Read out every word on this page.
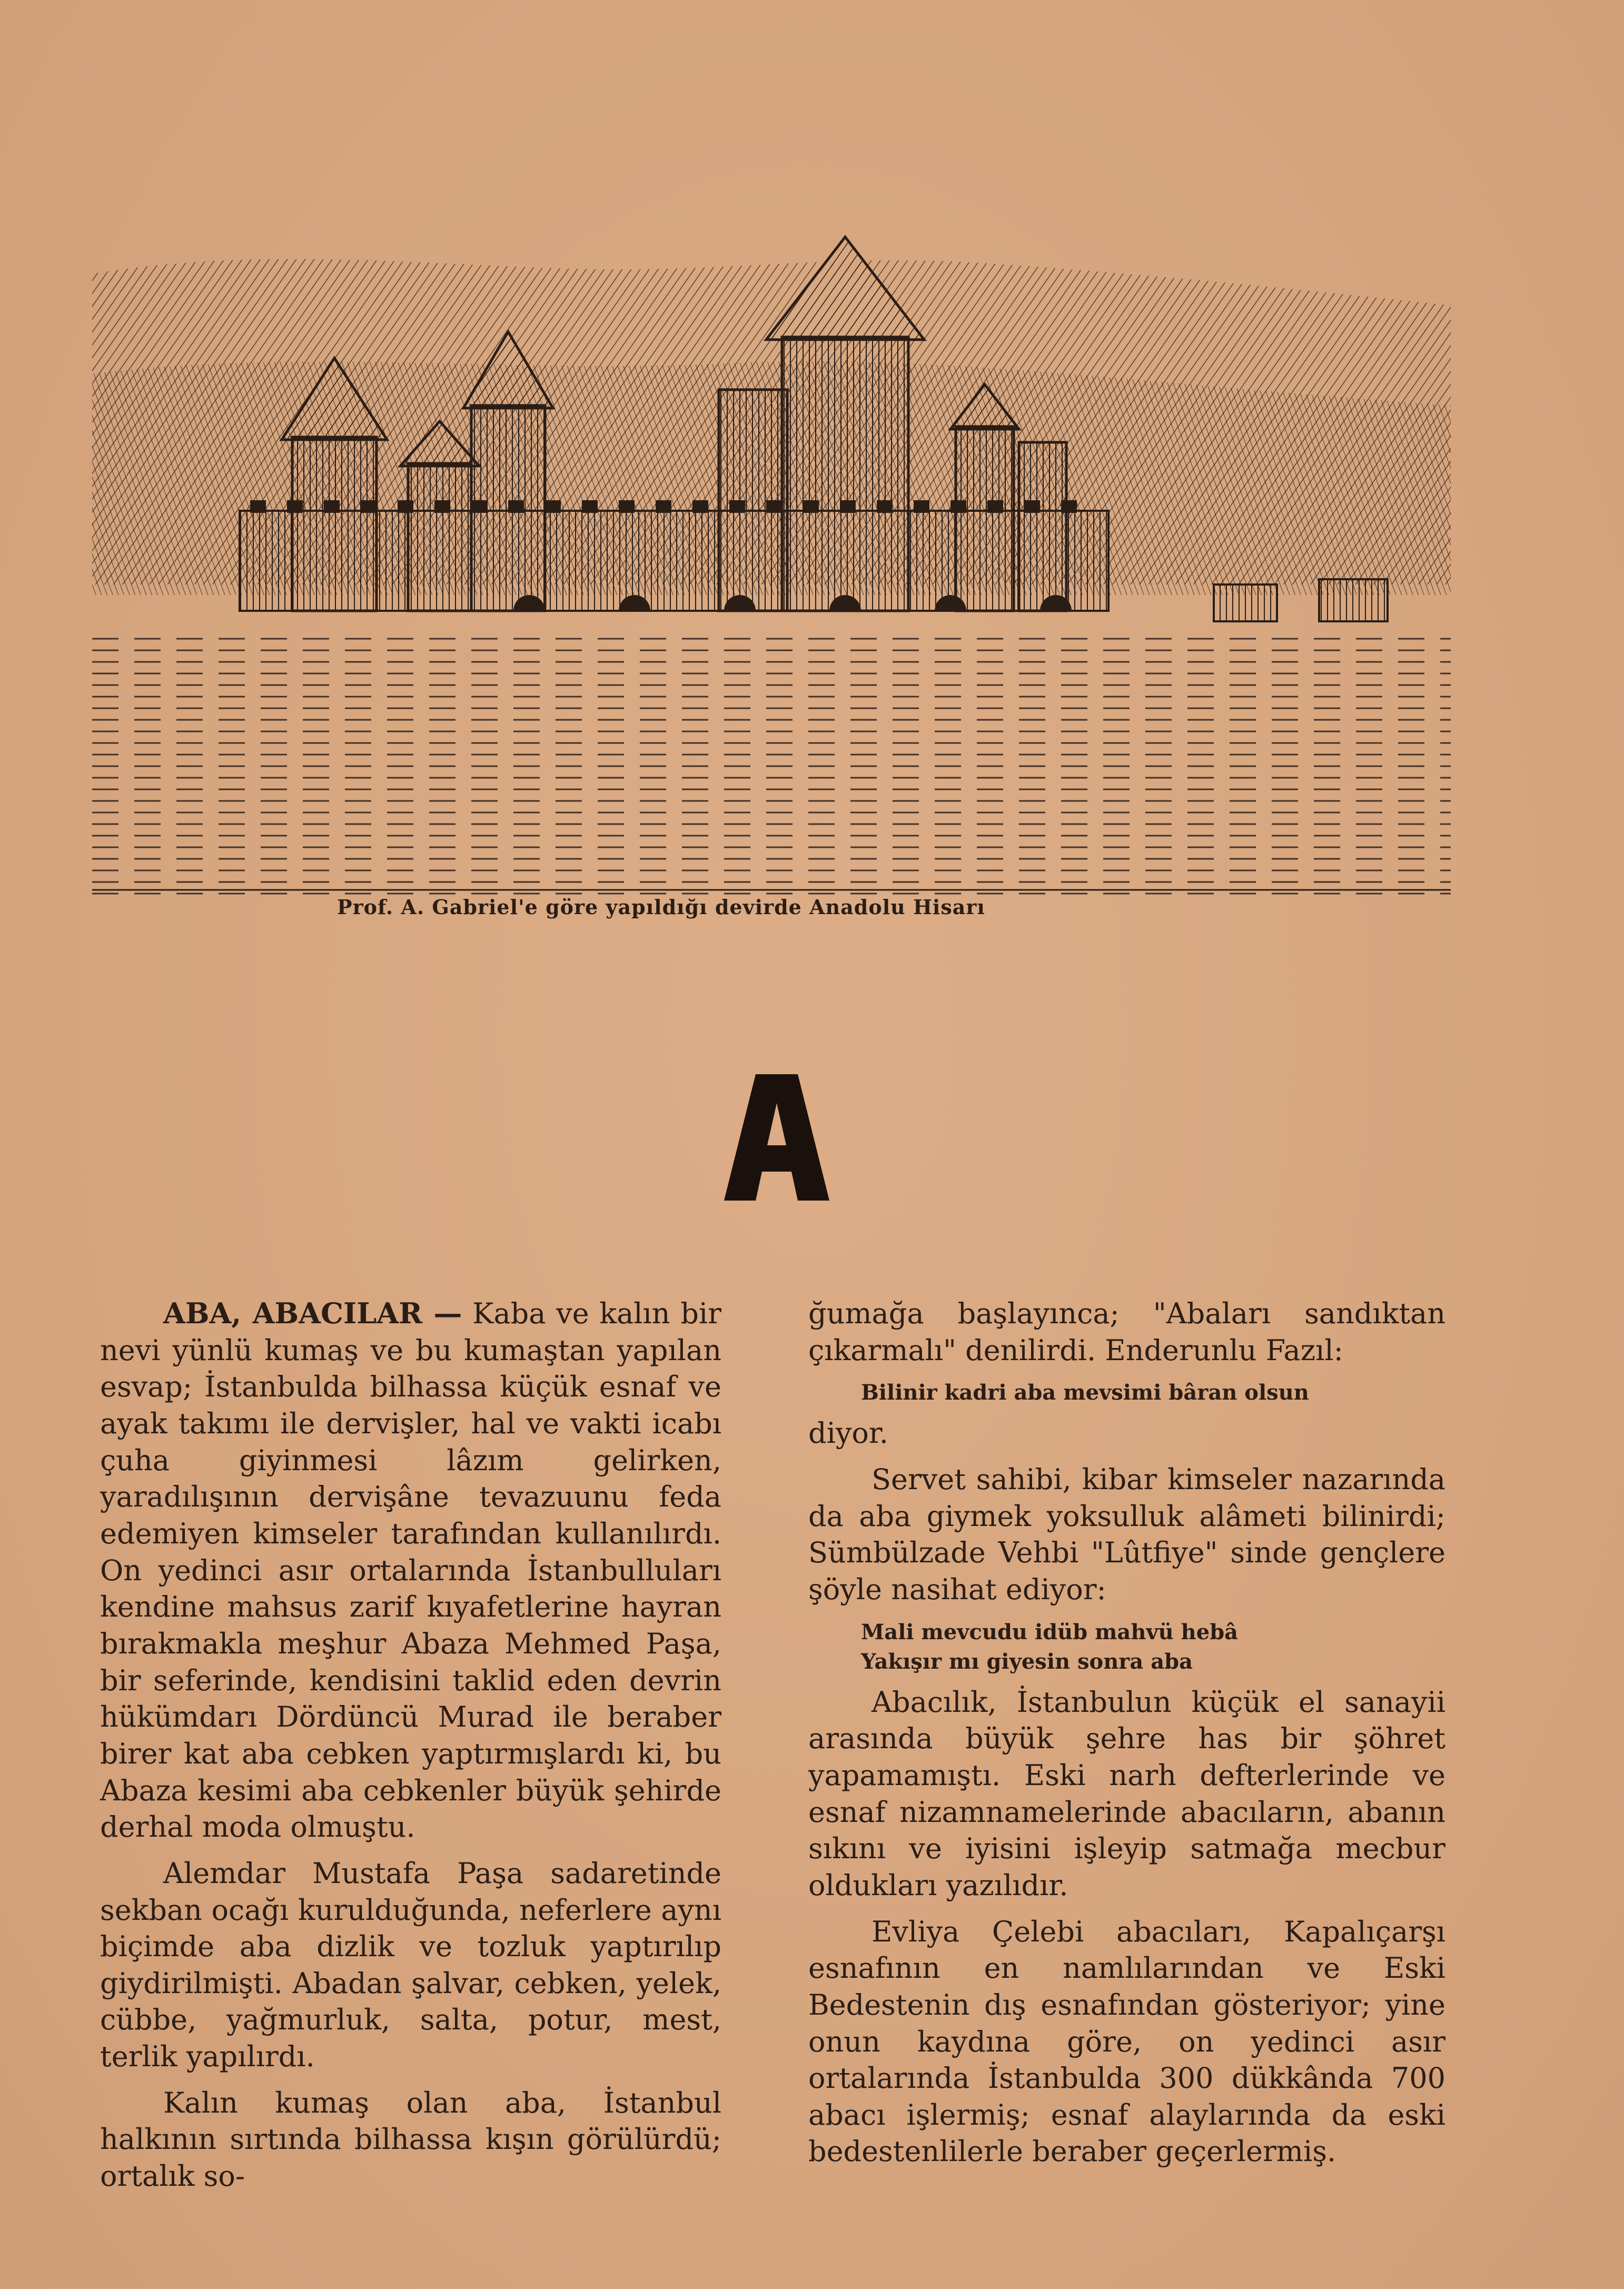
Prof. A. Gabriel'e göre yapıldığı devirde Anadolu Hisarı

ABA, ABACILAR — Kaba ve kalın bir nevi yünlü kumaş ve bu kumaştan yapılan esvap; İstanbulda bilhassa küçük esnaf ve ayak takımı ile dervişler, hal ve vakti icabı çuha giyinmesi lâzım gelirken, yaradılışının dervişâne tevazuunu feda edemiyen kimseler tarafından kullanılırdı. On yedinci asır ortalarında İstanbulluları kendine mahsus zarif kıyafetlerine hayran bırakmakla meşhur Abaza Mehmed Paşa, bir seferinde, kendisini taklid eden devrin hükümdarı Dördüncü Murad ile beraber birer kat aba cebken yaptırmışlardı ki, bu Abaza kesimi aba cebkenler büyük şehirde derhal moda olmuştu.

Alemdar Mustafa Paşa sadaretinde sekban ocağı kurulduğunda, neferlere aynı biçimde aba dizlik ve tozluk yaptırılıp giydirilmişti. Abadan şalvar, cebken, yelek, cübbe, yağmurluk, salta, potur, mest, terlik yapılırdı.

Kalın kumaş olan aba, İstanbul halkının sırtında bilhassa kışın görülürdü; ortalık so-

ğumağa başlayınca; "Abaları sandıktan çıkarmalı" denilirdi. Enderunlu Fazıl:

Bilinir kadri aba mevsimi bâran olsun

diyor.

Servet sahibi, kibar kimseler nazarında da aba giymek yoksulluk alâmeti bilinirdi; Sümbülzade Vehbi "Lûtfiye" sinde gençlere şöyle nasihat ediyor:

Mali mevcudu idüb mahvü hebâ
Yakışır mı giyesin sonra aba

Abacılık, İstanbulun küçük el sanayii arasında büyük şehre has bir şöhret yapamamıştı. Eski narh defterlerinde ve esnaf nizamnamelerinde abacıların, abanın sıkını ve iyisini işleyip satmağa mecbur oldukları yazılıdır.

Evliya Çelebi abacıları, Kapalıçarşı esnafının en namlılarından ve Eski Bedestenin dış esnafından gösteriyor; yine onun kaydına göre, on yedinci asır ortalarında İstanbulda 300 dükkânda 700 abacı işlermiş; esnaf alaylarında da eski bedestenlilerle beraber geçerlermiş.
